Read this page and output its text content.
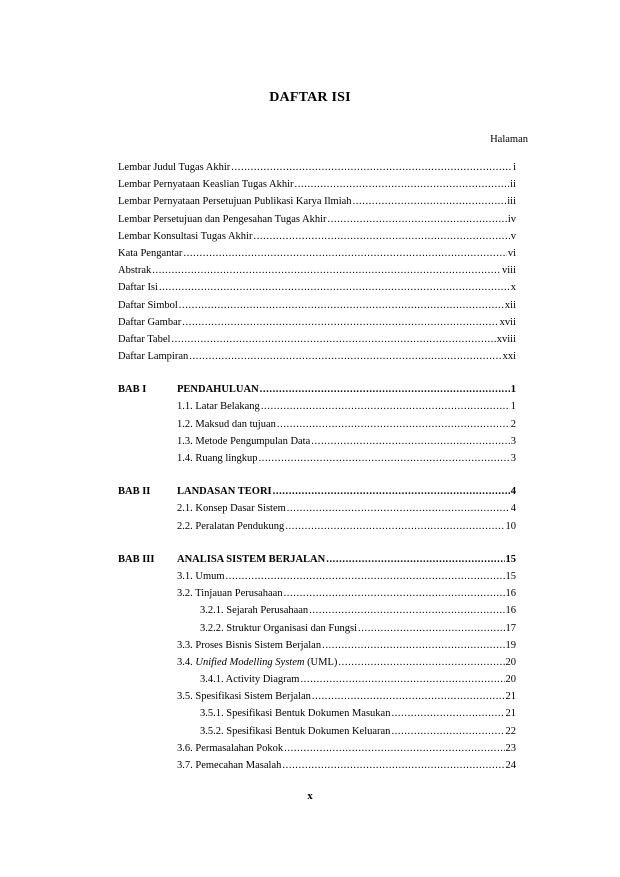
DAFTAR ISI
Halaman
Lembar Judul Tugas Akhir .....	i
Lembar Pernyataan Keaslian Tugas Akhir .....	ii
Lembar Pernyataan Persetujuan Publikasi Karya Ilmiah .....	iii
Lembar Persetujuan dan Pengesahan Tugas Akhir .....	iv
Lembar Konsultasi Tugas Akhir .....	v
Kata Pengantar .....	vi
Abstrak .....	viii
Daftar Isi .....	x
Daftar Simbol .....	xii
Daftar Gambar .....	xvii
Daftar Tabel .....	xviii
Daftar Lampiran .....	xxi
BAB I	PENDAHULUAN .....	1
1.1. Latar Belakang .....	1
1.2. Maksud dan tujuan .....	2
1.3. Metode Pengumpulan Data .....	3
1.4. Ruang lingkup .....	3
BAB II	LANDASAN TEORI .....	4
2.1. Konsep Dasar Sistem .....	4
2.2. Peralatan Pendukung .....	10
BAB III ANALISA SISTEM BERJALAN .....	15
3.1. Umum .....	15
3.2. Tinjauan Perusahaan .....	16
3.2.1. Sejarah Perusahaan .....	16
3.2.2. Struktur Organisasi dan Fungsi .....	17
3.3. Proses Bisnis Sistem Berjalan .....	19
3.4. Unified Modelling System (UML) .....	20
3.4.1. Activity Diagram .....	20
3.5. Spesifikasi Sistem Berjalan .....	21
3.5.1. Spesifikasi Bentuk Dokumen Masukan .....	21
3.5.2. Spesifikasi Bentuk Dokumen Keluaran .....	22
3.6. Permasalahan Pokok .....	23
3.7. Pemecahan Masalah .....	24
x
